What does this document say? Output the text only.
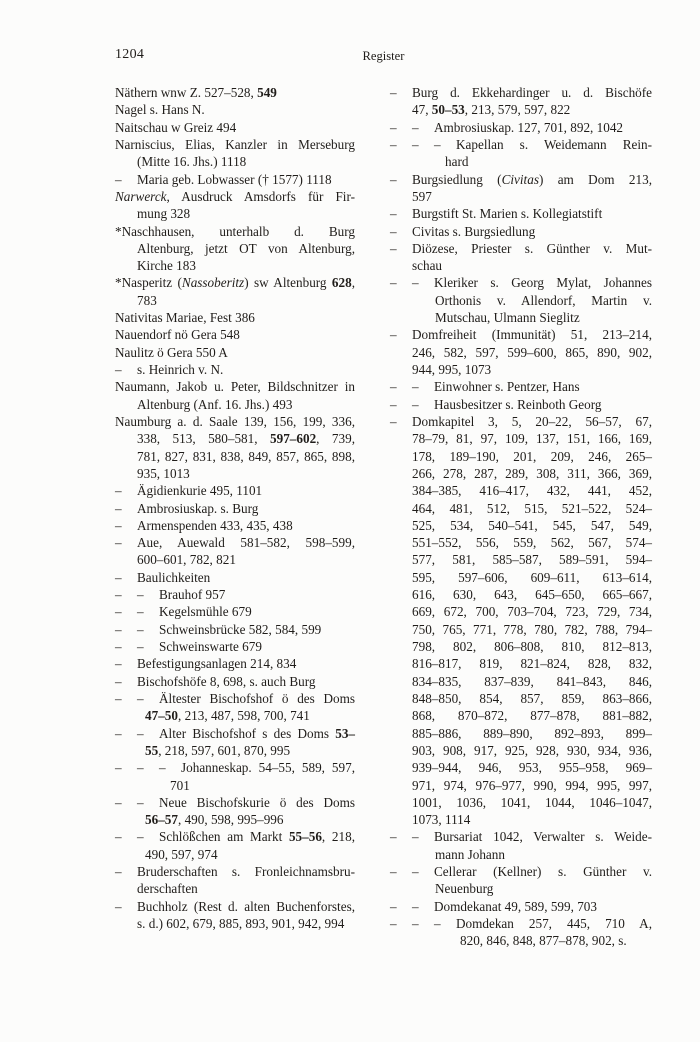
1204	Register
Näthern wnw Z. 527–528, 549
Nagel s. Hans N.
Naitschau w Greiz 494
Narniscius, Elias, Kanzler in Merseburg
(Mitte 16. Jhs.) 1118
– Maria geb. Lobwasser († 1577) 1118
Narwerck, Ausdruck Amsdorfs für Fir-
mung 328
*Naschhausen, unterhalb d. Burg
Altenburg, jetzt OT von Altenburg,
Kirche 183
*Nasperitz (Nassoberitz) sw Altenburg 628,
783
Nativitas Mariae, Fest 386
Nauendorf nö Gera 548
Naulitz ö Gera 550 A
– s. Heinrich v. N.
Naumann, Jakob u. Peter, Bildschnitzer in
Altenburg (Anf. 16. Jhs.) 493
Naumburg a. d. Saale 139, 156, 199, 336,
338, 513, 580–581, 597–602, 739,
781, 827, 831, 838, 849, 857, 865, 898,
935, 1013
– Ägidienkurie 495, 1101
– Ambrosiuskap. s. Burg
– Armenspenden 433, 435, 438
– Aue, Auewald 581–582, 598–599,
600–601, 782, 821
– Baulichkeiten
– – Brauhof 957
– – Kegelsmühle 679
– – Schweinsbrücke 582, 584, 599
– – Schweinswarte 679
– Befestigungsanlagen 214, 834
– Bischofshöfe 8, 698, s. auch Burg
– – Ältester Bischofshof ö des Doms
47–50, 213, 487, 598, 700, 741
– – Alter Bischofshof s des Doms 53–
55, 218, 597, 601, 870, 995
– – – Johanneskap. 54–55, 589, 597,
701
– – Neue Bischofskurie ö des Doms
56–57, 490, 598, 995–996
– – Schlößchen am Markt 55–56, 218,
490, 597, 974
– Bruderschaften s. Fronleichnamsbru-
derschaften
– Buchholz (Rest d. alten Buchenforstes,
s. d.) 602, 679, 885, 893, 901, 942, 994
– Burg d. Ekkehardinger u. d. Bischöfe
47, 50–53, 213, 579, 597, 822
– – Ambrosiuskap. 127, 701, 892, 1042
– – – Kapellan s. Weidemann Rein-
hard
– Burgsiedlung (Civitas) am Dom 213,
597
– Burgstift St. Marien s. Kollegiatstift
– Civitas s. Burgsiedlung
– Diözese, Priester s. Günther v. Mut-
schau
– – Kleriker s. Georg Mylat, Johannes
Orthonis v. Allendorf, Martin v.
Mutschau, Ulmann Sieglitz
– Domfreiheit (Immunität) 51, 213–214,
246, 582, 597, 599–600, 865, 890, 902,
944, 995, 1073
– – Einwohner s. Pentzer, Hans
– – Hausbesitzer s. Reinboth Georg
– Domkapitel 3, 5, 20–22, 56–57, 67,
78–79, 81, 97, 109, 137, 151, 166, 169,
178, 189–190, 201, 209, 246, 265–
266, 278, 287, 289, 308, 311, 366, 369,
384–385, 416–417, 432, 441, 452,
464, 481, 512, 515, 521–522, 524–
525, 534, 540–541, 545, 547, 549,
551–552, 556, 559, 562, 567, 574–
577, 581, 585–587, 589–591, 594–
595, 597–606, 609–611, 613–614,
616, 630, 643, 645–650, 665–667,
669, 672, 700, 703–704, 723, 729, 734,
750, 765, 771, 778, 780, 782, 788, 794–
798, 802, 806–808, 810, 812–813,
816–817, 819, 821–824, 828, 832,
834–835, 837–839, 841–843, 846,
848–850, 854, 857, 859, 863–866,
868, 870–872, 877–878, 881–882,
885–886, 889–890, 892–893, 899–
903, 908, 917, 925, 928, 930, 934, 936,
939–944, 946, 953, 955–958, 969–
971, 974, 976–977, 990, 994, 995, 997,
1001, 1036, 1041, 1044, 1046–1047,
1073, 1114
– – Bursariat 1042, Verwalter s. Weide-
mann Johann
– – Cellerar (Kellner) s. Günther v.
Neuenburg
– – Domdekanat 49, 589, 599, 703
– – – Domdekan 257, 445, 710 A,
820, 846, 848, 877–878, 902, s.
